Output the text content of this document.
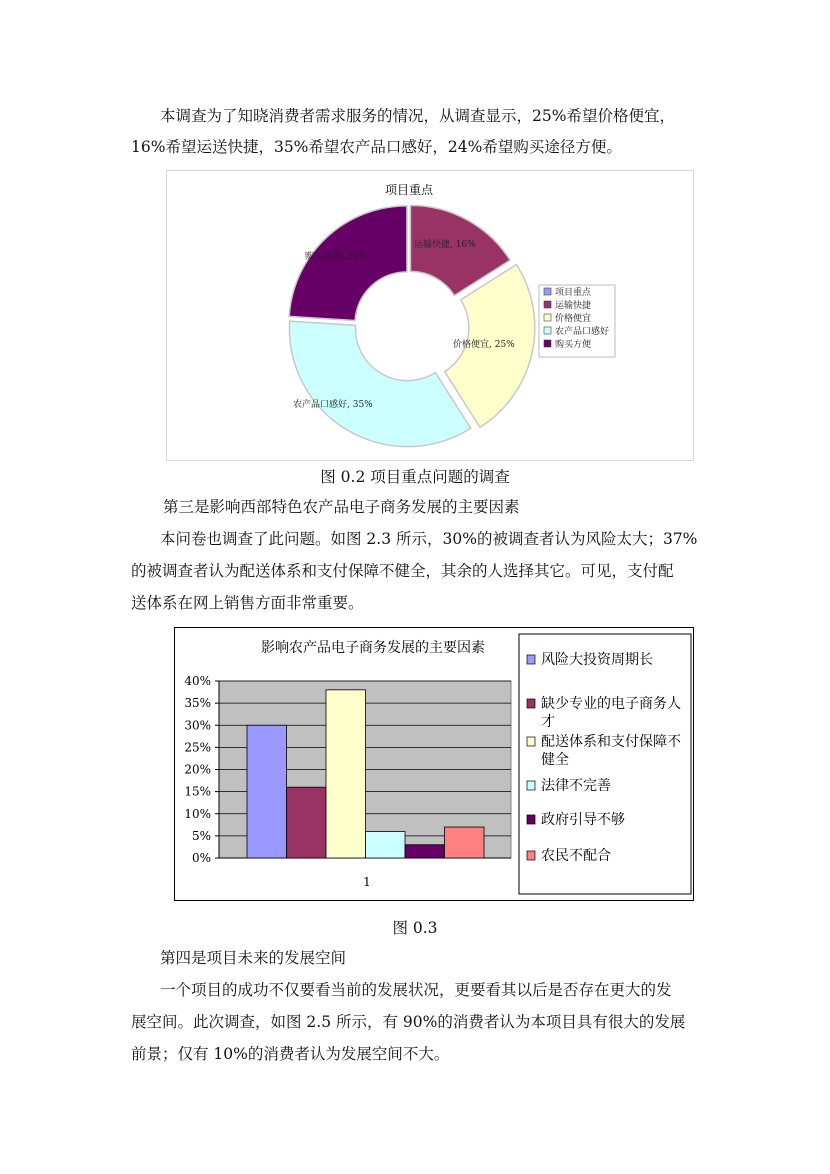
本调查为了知晓消费者需求服务的情况，从调查显示，25%希望价格便宜，
16%希望运送快捷，35%希望农产品口感好，24%希望购买途径方便。
项目重点
运输快捷, 16%
价格便宜, 25%
农产品口感好, 35%
购买方便, 24%
项目重点
运输快捷
价格便宜
农产品口感好
购买方便
图 0.2 项目重点问题的调查
第三是影响西部特色农产品电子商务发展的主要因素
本问卷也调查了此问题。如图 2.3 所示，30%的被调查者认为风险太大；37%
的被调查者认为配送体系和支付保障不健全，其余的人选择其它。可见，支付配
送体系在网上销售方面非常重要。
影响农产品电子商务发展的主要因素
0%
5%
10%
15%
20%
25%
30%
35%
40%
1
风险大投资周期长
缺少专业的电子商务人
才
配送体系和支付保障不
健全
法律不完善
政府引导不够
农民不配合
图 0.3
第四是项目未来的发展空间
一个项目的成功不仅要看当前的发展状况，更要看其以后是否存在更大的发
展空间。此次调查，如图 2.5 所示，有 90%的消费者认为本项目具有很大的发展
前景；仅有 10%的消费者认为发展空间不大。
